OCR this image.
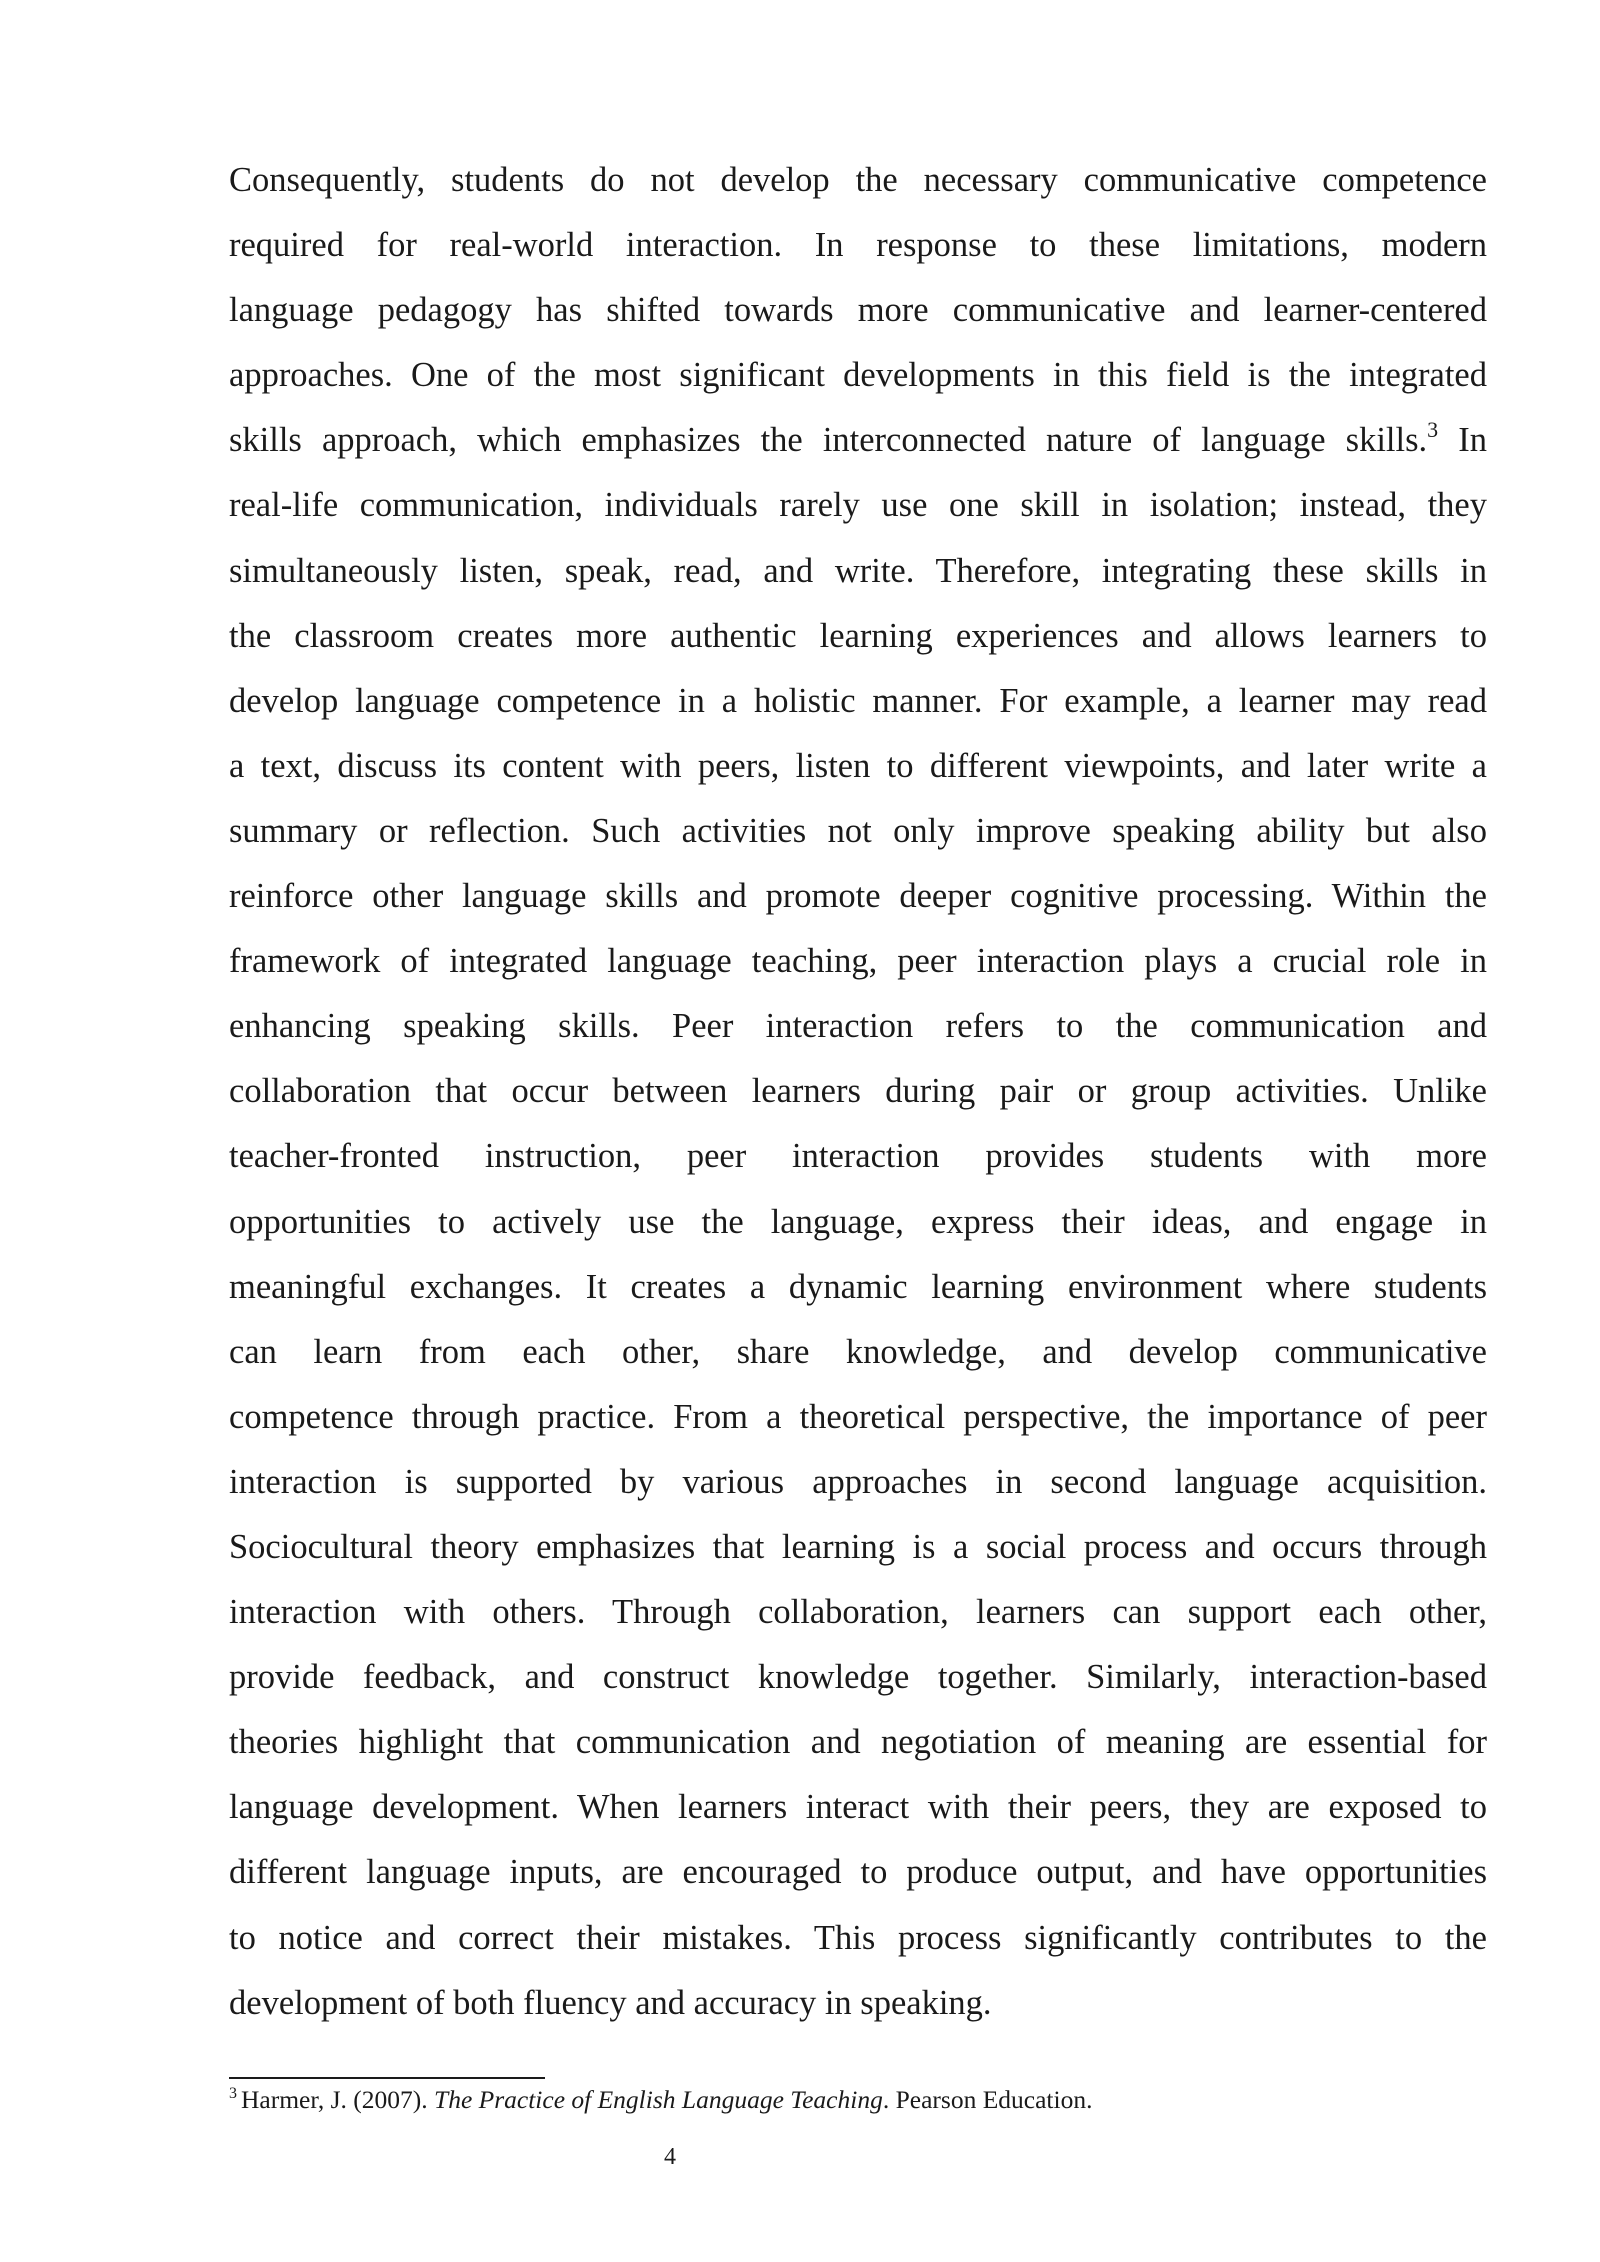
Consequently, students do not develop the necessary communicative competence
required for real-world interaction. In response to these limitations, modern
language pedagogy has shifted towards more communicative and learner-centered
approaches. One of the most significant developments in this field is the integrated
skills approach, which emphasizes the interconnected nature of language skills.$^3$ In
real-life communication, individuals rarely use one skill in isolation; instead, they
simultaneously listen, speak, read, and write. Therefore, integrating these skills in
the classroom creates more authentic learning experiences and allows learners to
develop language competence in a holistic manner. For example, a learner may read
a text, discuss its content with peers, listen to different viewpoints, and later write a
summary or reflection. Such activities not only improve speaking ability but also
reinforce other language skills and promote deeper cognitive processing. Within the
framework of integrated language teaching, peer interaction plays a crucial role in
enhancing speaking skills. Peer interaction refers to the communication and
collaboration that occur between learners during pair or group activities. Unlike
teacher-fronted instruction, peer interaction provides students with more
opportunities to actively use the language, express their ideas, and engage in
meaningful exchanges. It creates a dynamic learning environment where students
can learn from each other, share knowledge, and develop communicative
competence through practice. From a theoretical perspective, the importance of peer
interaction is supported by various approaches in second language acquisition.
Sociocultural theory emphasizes that learning is a social process and occurs through
interaction with others. Through collaboration, learners can support each other,
provide feedback, and construct knowledge together. Similarly, interaction-based
theories highlight that communication and negotiation of meaning are essential for
language development. When learners interact with their peers, they are exposed to
different language inputs, are encouraged to produce output, and have opportunities
to notice and correct their mistakes. This process significantly contributes to the
development of both fluency and accuracy in speaking.
$^3$ Harmer, J. (2007). The Practice of English Language Teaching. Pearson Education.
4
